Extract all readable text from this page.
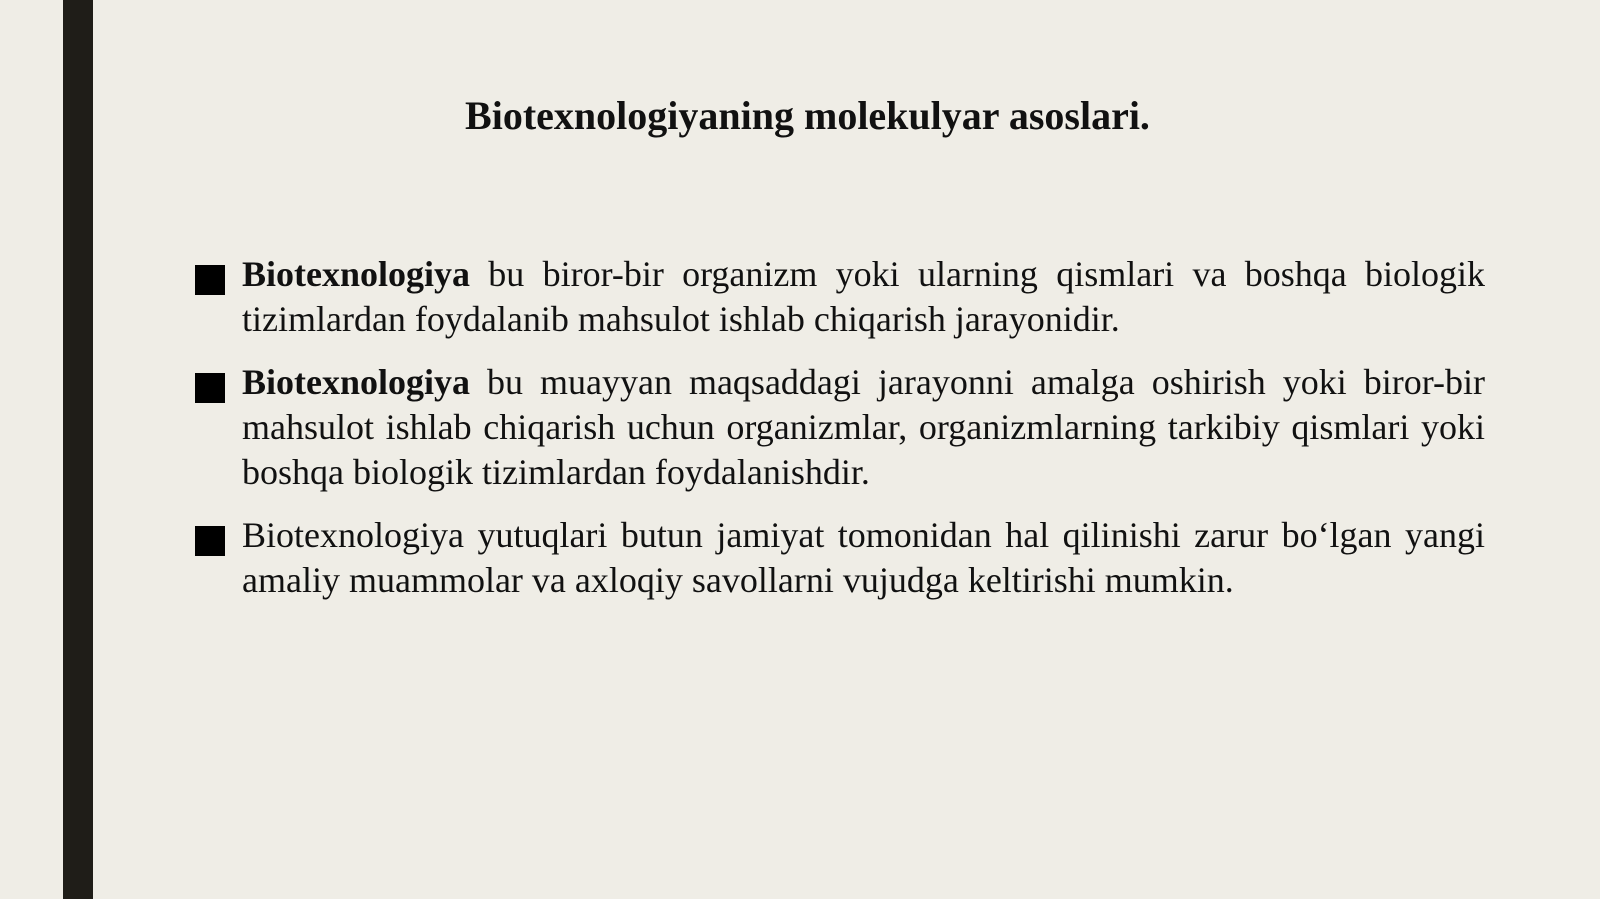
Biotexnologiyaning molekulyar asoslari.
Biotexnologiya bu biror-bir organizm yoki ularning qismlari va boshqa biologik tizimlardan foydalanib mahsulot ishlab chiqarish jarayonidir.
Biotexnologiya bu muayyan maqsaddagi jarayonni amalga oshirish yoki biror-bir mahsulot ishlab chiqarish uchun organizmlar, organizmlarning tarkibiy qismlari yoki boshqa biologik tizimlardan foydalanishdir.
Biotexnologiya yutuqlari butun jamiyat tomonidan hal qilinishi zarur bo‘lgan yangi amaliy muammolar va axloqiy savollarni vujudga keltirishi mumkin.
